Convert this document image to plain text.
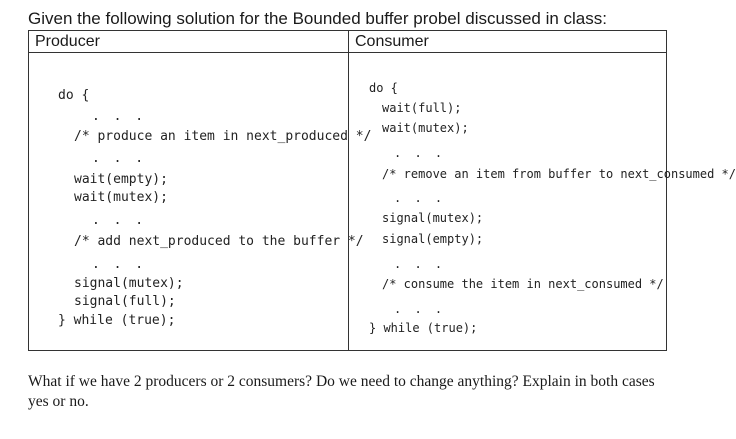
Given the following solution for the Bounded buffer probel discussed in class:
Producer	Consumer

do {

. . .

/* produce an item in next_produced */

. . .

wait(empty);

wait(mutex);

. . .

/* add next_produced to the buffer */

. . .

signal(mutex);

signal(full);

} while (true);

do {

wait(full);

wait(mutex);

. . .

/* remove an item from buffer to next_consumed */

. . .

signal(mutex);

signal(empty);

. . .

/* consume the item in next_consumed */

. . .

} while (true);

What if we have 2 producers or 2 consumers? Do we need to change anything? Explain in both cases yes or no.
